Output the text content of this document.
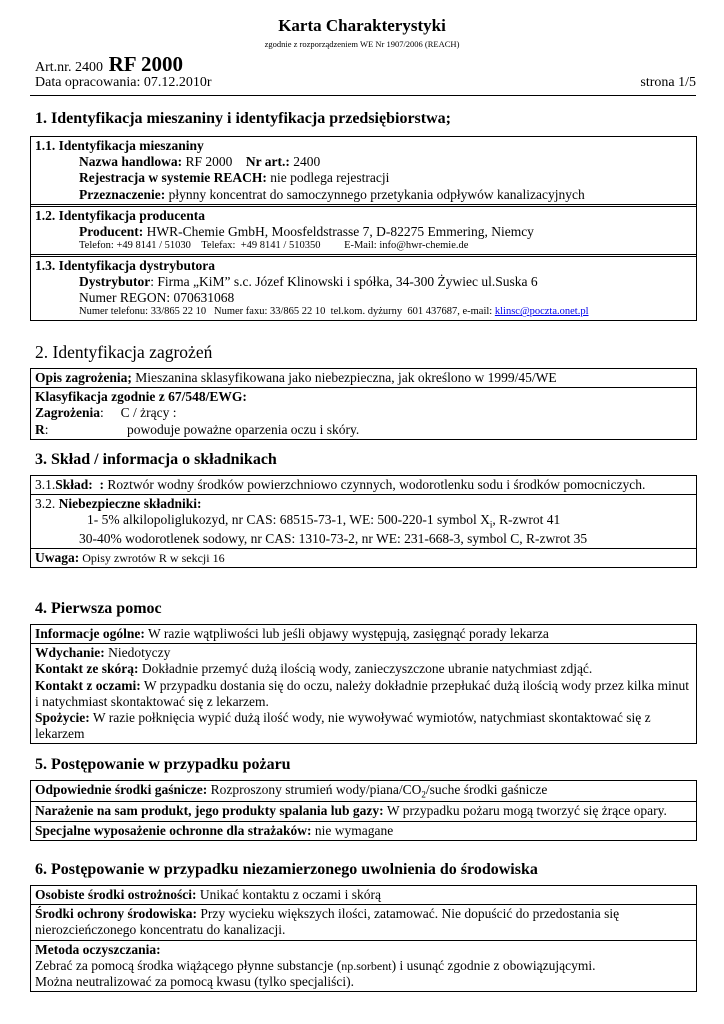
Karta Charakterystyki
zgodnie z rozporządzeniem WE Nr 1907/2006 (REACH)
Art.nr. 2400 RF 2000
Data opracowania: 07.12.2010r	strona 1/5
1. Identyfikacja mieszaniny i identyfikacja przedsiębiorstwa;
1.1. Identyfikacja mieszaniny
Nazwa handlowa: RF 2000 Nr art.: 2400
Rejestracja w systemie REACH: nie podlega rejestracji
Przeznaczenie: płynny koncentrat do samoczynnego przetykania odpływów kanalizacyjnych
1.2. Identyfikacja producenta
Producent: HWR-Chemie GmbH, Moosfeldstrasse 7, D-82275 Emmering, Niemcy
Telefon: +49 8141 / 51030    Telefax:  +49 8141 / 510350         E-Mail: info@hwr-chemie.de
1.3. Identyfikacja dystrybutora
Dystrybutor: Firma „KiM” s.c. Józef Klinowski i spółka, 34-300 Żywiec ul.Suska 6
Numer REGON: 070631068
Numer telefonu: 33/865 22 10   Numer faxu: 33/865 22 10  tel.kom. dyżurny  601 437687, e-mail: klinsc@poczta.onet.pl
2. Identyfikacja zagrożeń
Opis zagrożenia; Mieszanina sklasyfikowana jako niebezpieczna, jak określono w 1999/45/WE
Klasyfikacja zgodnie z 67/548/EWG:
Zagrożenia:     C / żrący :
R:	powoduje poważne oparzenia oczu i skóry.
3. Skład / informacja o składnikach
3.1.Skład:  : Roztwór wodny środków powierzchniowo czynnych, wodorotlenku sodu i środków pomocniczych.
3.2. Niebezpieczne składniki:
1- 5% alkilopoliglukozyd, nr CAS: 68515-73-1, WE: 500-220-1 symbol $X_i$, R-zwrot 41
30-40% wodorotlenek sodowy, nr CAS: 1310-73-2, nr WE: 231-668-3, symbol C, R-zwrot 35
Uwaga: Opisy zwrotów R w sekcji 16
4. Pierwsza pomoc
Informacje ogólne: W razie wątpliwości lub jeśli objawy występują, zasięgnąć porady lekarza
Wdychanie: Niedotyczy
Kontakt ze skórą: Dokładnie przemyć dużą ilością wody, zanieczyszczone ubranie natychmiast zdjąć.
Kontakt z oczami: W przypadku dostania się do oczu, należy dokładnie przepłukać dużą ilością wody przez kilka minut i natychmiast skontaktować się z lekarzem.
Spożycie: W razie połknięcia wypić dużą ilość wody, nie wywoływać wymiotów, natychmiast skontaktować się z lekarzem
5. Postępowanie w przypadku pożaru
Odpowiednie środki gaśnicze: Rozproszony strumień wody/$piana/CO_2$/suche środki gaśnicze
Narażenie na sam produkt, jego produkty spalania lub gazy: W przypadku pożaru mogą tworzyć się żrące opary.
Specjalne wyposażenie ochronne dla strażaków: nie wymagane
6. Postępowanie w przypadku niezamierzonego uwolnienia do środowiska
Osobiste środki ostrożności: Unikać kontaktu z oczami i skórą
Środki ochrony środowiska: Przy wycieku większych ilości, zatamować. Nie dopuścić do przedostania się nierozcieńczonego koncentratu do kanalizacji.
Metoda oczyszczania:
Zebrać za pomocą środka wiążącego płynne substancje (np.sorbent) i usunąć zgodnie z obowiązującymi.
Można neutralizować za pomocą kwasu (tylko specjaliści).
